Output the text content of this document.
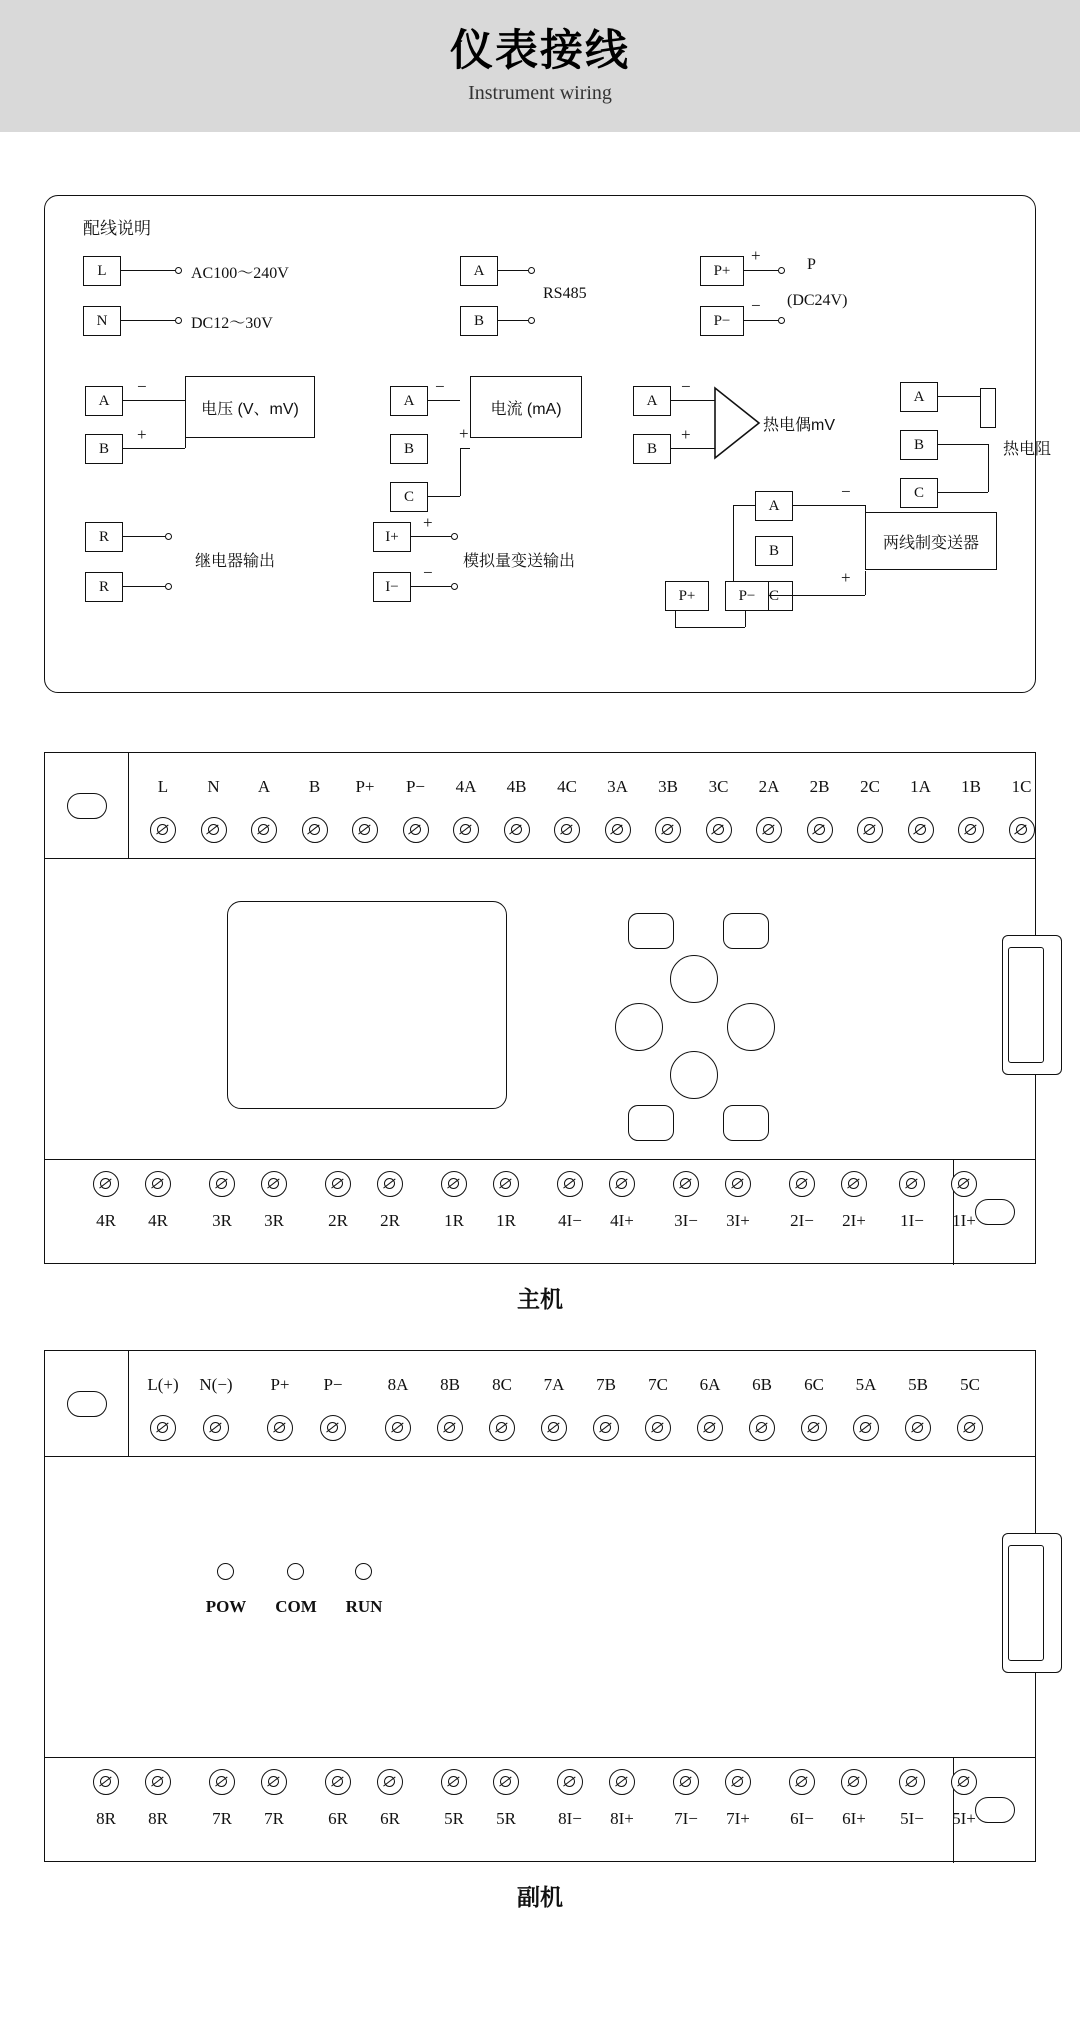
仪表接线
Instrument wiring
配线说明
L
N
AC100～240V
DC12～30V
A
B
RS485
P+
P−
+
−
P
(DC24V)
A
B
−
+
电压 (V、mV)	A
B
C
−
+
电流 (mA)	A
B
−
+	热电偶mV
A
B
C
热电阻
R
R
继电器输出
I+
I−
+
−
模拟量变送输出
A
B
P+	P−
两线制变送器
−
+
主机
L	N	A	B	P+	P−	4A	4B	4C	3A	3B	3C	2A	2B	2C	1A	1B	1C
4R	4R	3R	3R	2R	2R	1R	1R	4I−	4I+	3I−	3I+	2I−	2I+	1I−	1I+
POW	COM	RUN
副机
L(+)	N(−)	P+	P−	8A	8B	8C	7A	7B	7C	6A	6B	6C	5A	5B	5C
8R	8R	7R	7R	6R	6R	5R	5R	8I−	8I+	7I−	7I+	6I−	6I+	5I−	5I+
